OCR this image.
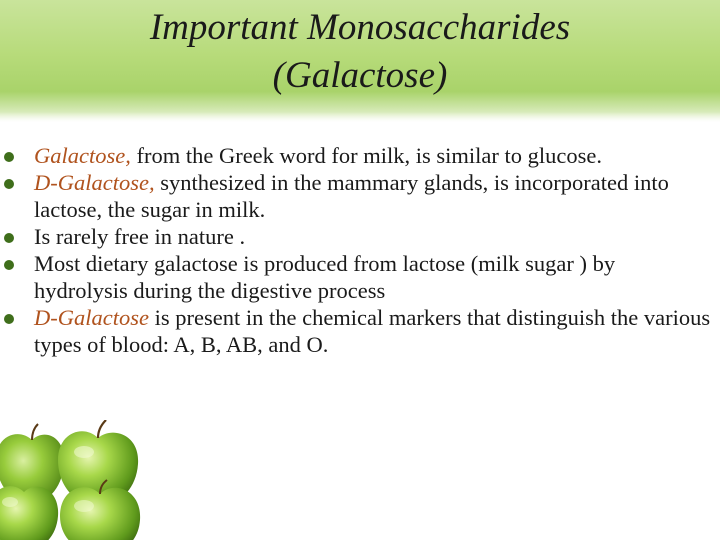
Important Monosaccharides
(Galactose)
Galactose, from the Greek word for milk, is similar to glucose.
D-Galactose, synthesized in the mammary glands, is incorporated into lactose, the sugar in milk.
Is rarely free in nature .
Most dietary galactose is produced from lactose (milk sugar ) by hydrolysis during the digestive process
D-Galactose is present in the chemical markers that distinguish the various types of blood: A, B, AB, and O.
